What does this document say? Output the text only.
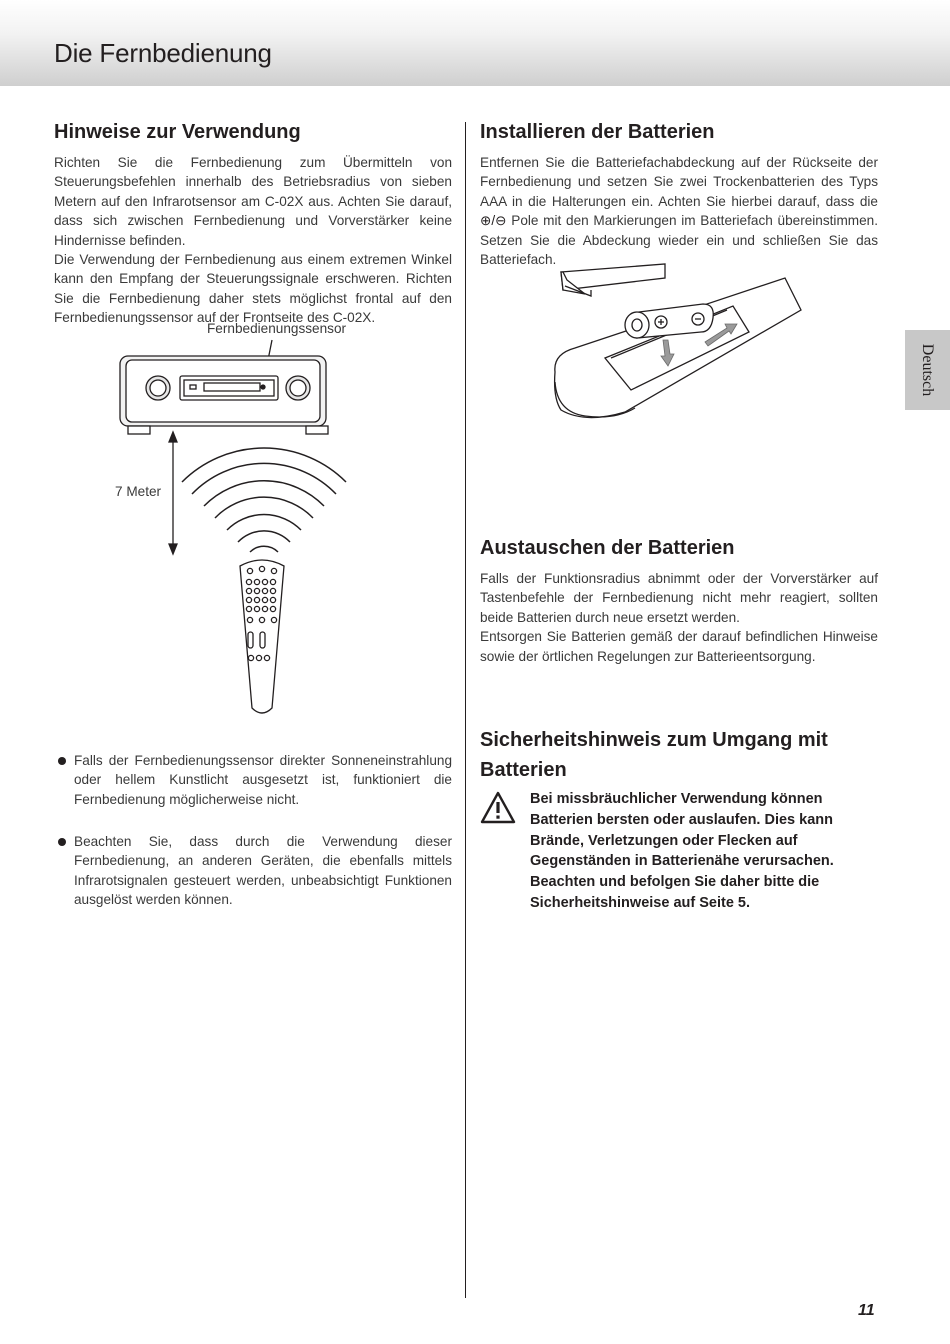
Die Fernbedienung
Deutsch
Hinweise zur Verwendung

Richten Sie die Fernbedienung zum Übermitteln von Steuerungsbefehlen innerhalb des Betriebsradius von sieben Metern auf den Infrarotsensor am C-02X aus. Achten Sie darauf, dass sich zwischen Fernbedienung und Vorverstärker keine Hindernisse befinden.

Die Verwendung der Fernbedienung aus einem extremen Winkel kann den Empfang der Steuerungssignale erschweren. Richten Sie die Fernbedienung daher stets möglichst frontal auf den Fernbedienungssensor auf der Frontseite des C-02X.

Fernbedienungssensor
7 Meter
Falls der Fernbedienungssensor direkter Sonneneinstrahlung oder hellem Kunstlicht ausgesetzt ist, funktioniert die Fernbedienung möglicherweise nicht.
Beachten Sie, dass durch die Verwendung dieser Fernbedienung, an anderen Geräten, die ebenfalls mittels Infrarotsignalen gesteuert werden, unbeabsichtigt Funktionen ausgelöst werden können.
Installieren der Batterien

Entfernen Sie die Batteriefachabdeckung auf der Rückseite der Fernbedienung und setzen Sie zwei Trockenbatterien des Typs AAA in die Halterungen ein. Achten Sie hierbei darauf, dass die ⊕/⊖ Pole mit den Markierungen im Batteriefach übereinstimmen. Setzen Sie die Abdeckung wieder ein und schließen Sie das Batteriefach.

Austauschen der Batterien

Falls der Funktionsradius abnimmt oder der Vorverstärker auf Tastenbefehle der Fernbedienung nicht mehr reagiert, sollten beide Batterien durch neue ersetzt werden.

Entsorgen Sie Batterien gemäß der darauf befindlichen Hinweise sowie der örtlichen Regelungen zur Batterieentsorgung.

Sicherheitshinweis zum Umgang mit
Batterien

Bei missbräuchlicher Verwendung können Batterien bersten oder auslaufen. Dies kann Brände, Verletzungen oder Flecken auf Gegenständen in Batterienähe verursachen.

Beachten und befolgen Sie daher bitte die Sicherheitshinweise auf Seite 5.

11
